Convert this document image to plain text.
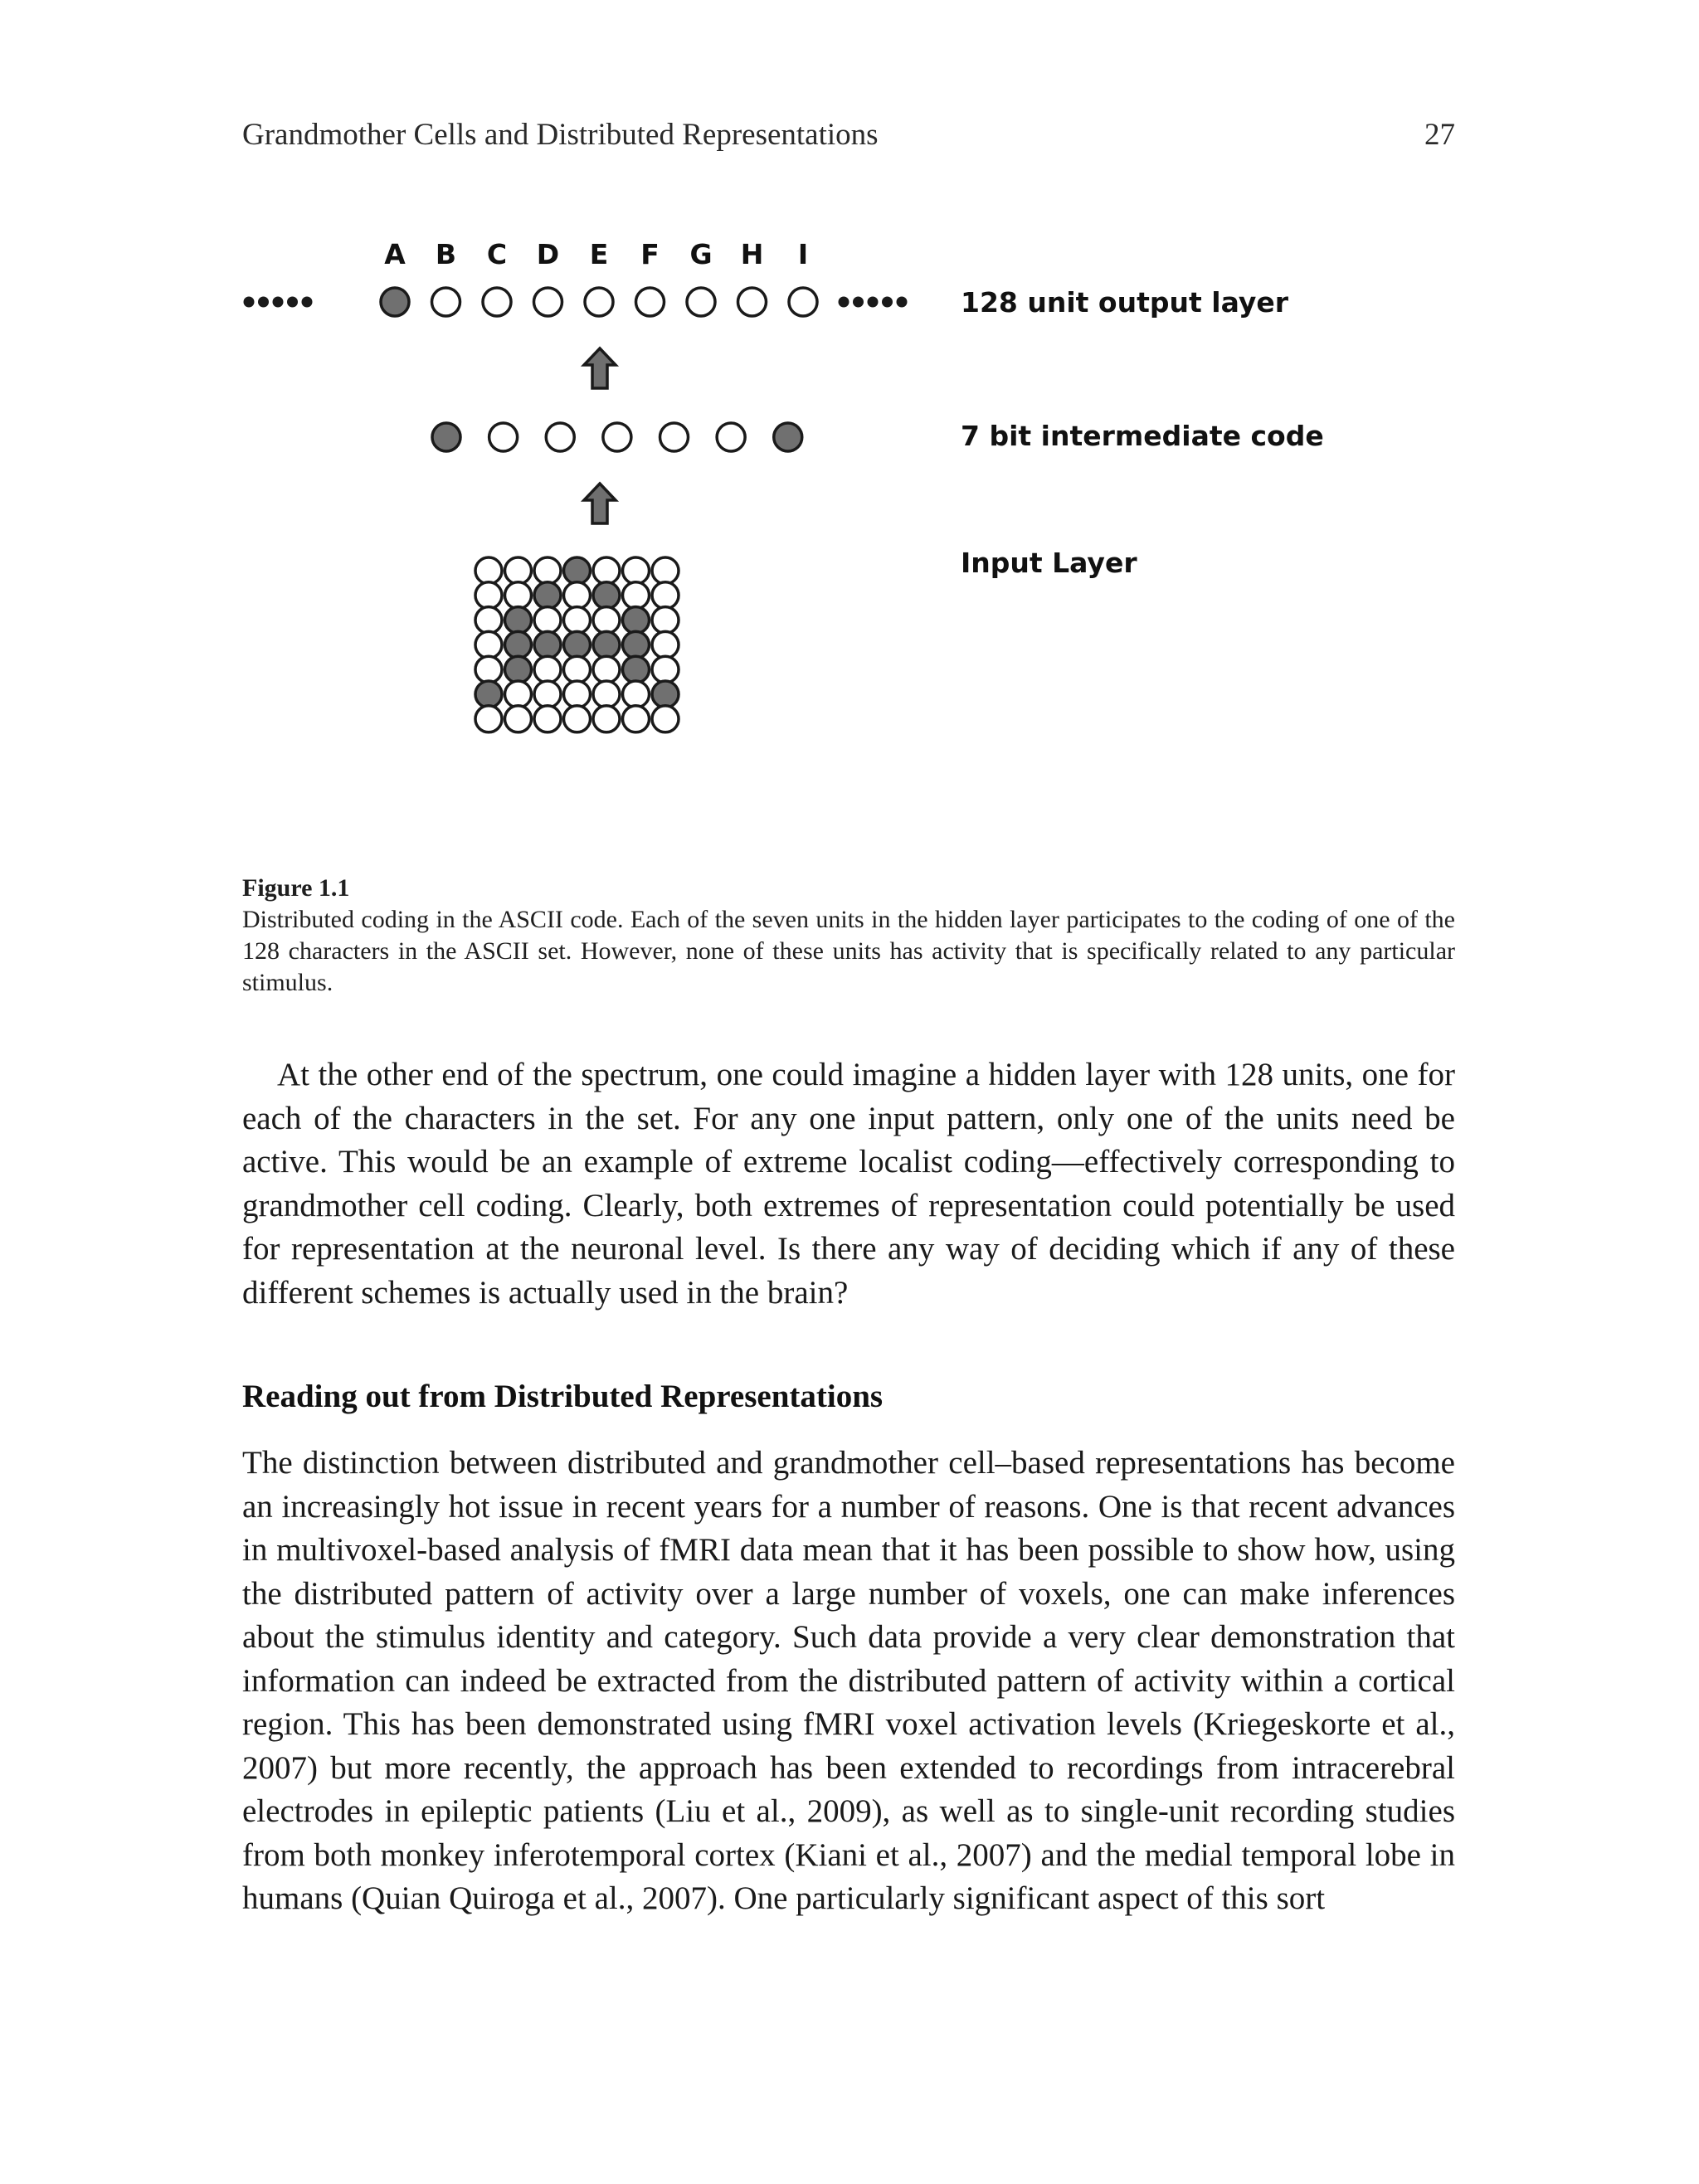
Grandmother Cells and Distributed Representations	27
A B C D E F G H I
128 unit output layer
7 bit intermediate code
Input Layer
Figure 1.1
Distributed coding in the ASCII code. Each of the seven units in the hidden layer participates to the coding of one of the 128 characters in the ASCII set. However, none of these units has activity that is specifically related to any particular stimulus.

At the other end of the spectrum, one could imagine a hidden layer with 128 units, one for each of the characters in the set. For any one input pattern, only one of the units need be active. This would be an example of extreme localist coding—effectively corresponding to grandmother cell coding. Clearly, both extremes of representation could potentially be used for representation at the neuronal level. Is there any way of deciding which if any of these different schemes is actually used in the brain?

Reading out from Distributed Representations

The distinction between distributed and grandmother cell–based representations has become an increasingly hot issue in recent years for a number of reasons. One is that recent advances in multivoxel-based analysis of fMRI data mean that it has been possible to show how, using the distributed pattern of activity over a large number of voxels, one can make inferences about the stimulus identity and category. Such data provide a very clear demonstration that information can indeed be extracted from the distributed pattern of activity within a cortical region. This has been demonstrated using fMRI voxel activation levels (Kriegeskorte et al., 2007) but more recently, the approach has been extended to recordings from intracerebral electrodes in epileptic patients (Liu et al., 2009), as well as to single-unit recording studies from both monkey inferotemporal cortex (Kiani et al., 2007) and the medial temporal lobe in humans (Quian Quiroga et al., 2007). One particularly significant aspect of this sort
